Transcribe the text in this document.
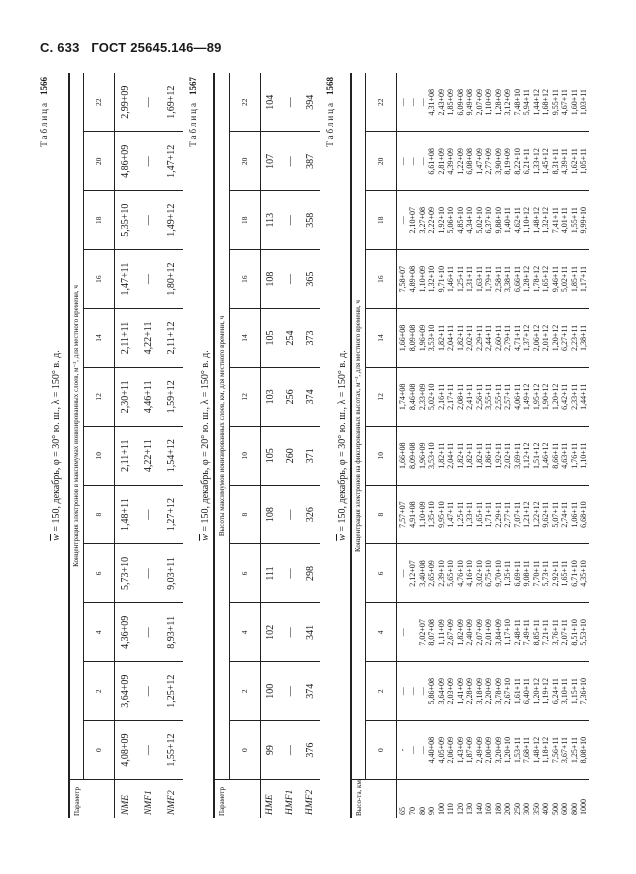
С. 633 ГОСТ 25645.146—89
Таблица1566
$\overline{w} = 150$, декабрь, φ = 30° ю. ш., λ = 150° в. д.
Параметр	Концентрация электронов в максимумах ионизированных слоев, м⁻³, для местного времени, ч											
	0	2	4	6	8	10	12	14	16	18	20	22
NME	4,08+09	3,64+09	4,36+09	5,73+10	1,48+11	2,11+11	2,30+11	2,11+11	1,47+11	5,35+10	4,86+09	2,99+09
NMF1	—	—	—	—	—	4,22+11	4,46+11	4,22+11	—	—	—	—
NMF2	1,55+12	1,25+12	8,93+11	9,03+11	1,27+12	1,54+12	1,59+12	2,11+12	1,80+12	1,49+12	1,47+12	1,69+12 Таблица1567
$\overline{w} = 150$, декабрь, φ = 20° ю. ш., λ = 150° в. д.
Параметр	Высоты максимумов ионизированных слоев, км, для местного времени, ч											
	0	2	4	6	8	10	12	14	16	18	20	22
HME	99	100	102	111	108	105	103	105	108	113	107	104
HMF1	—	—	—	—	—	260	256	254	—	—	—	—
HMF2	376	374	341	298	326	371	374	373	365	358	387	394 Таблица1568
$\overline{w} = 150$, декабрь, φ = 30° ю. ш., λ = 150° в. д.
Высо-та, км	Концентрация электронов на фиксированных высотах, м⁻³, для местного времени, ч											
	0	2	4	6	8	10	12	14	16	18	20	22
65	-	—	—	—	7,57+07	1,66+08	1,74+08	1,66+08	7,58+07	—	—	—
70	—	—		2,12+07	4,91+08	8,09+08	8,46+08	8,09+08	4,89+08	2,10+07	—	—
80	—	—	7,02+07	3,40+08	1,10+09	1,96+09	2,33+09	1,96+09	1,10+09	3,27+08	—	—
90	4,40+08	5,86+08	8,07+08	2,65+09	1,35+10	3,53+10	5,02+10	3,53+10	1,32+10	2,22+09	6,61+08	4,31+08
100	4,05+09	3,64+09	1,11+09	2,39+10	9,95+10	1,82+11	2,16+11	1,82+11	9,71+10	1,92+10	2,81+09	2,43+09
110	2,06+09	2,03+09	2,67+09	5,65+10	1,47+11	2,04+11	2,17+11	2,04+11	1,46+11	5,06+10	4,39+09	1,85+09
120	1,43+09	1,41+09	1,82+09	4,76+10	1,25+11	1,82+11	2,08+11	1,82+11	1,25+11	4,85+10	1,22+09	6,09+08
130	1,87+09	2,28+09	2,40+09	4,16+10	1,33+11	1,82+11	2,41+11	2,02+11	1,31+11	4,34+10	6,08+08	9,49+08
140	2,49+09	3,18+09	2,07+09	3,02+10	1,65+11	1,82+11	2,56+11	2,29+11	1,63+11	5,02+10	1,47+09	2,07+09
160	2,00+09	2,20+09	2,01+09	6,75+10	1,71+11	1,86+11	3,55+11	2,44+11	1,79+11	6,37+10	2,77+09	1,10+09
180	3,20+09	3,78+09	3,84+09	9,70+10	2,29+11	1,92+11	2,55+11	2,60+11	2,58+11	9,88+10	3,90+09	1,28+09
200	1,20+10	2,67+10	1,17+10	1,35+11	2,77+11	2,02+11	2,57+11	2,79+11	3,38+11	1,40+11	8,19+09	3,12+09
250	1,53+11	1,61+11	2,48+11	6,69+11	7,07+11	3,69+11	4,06+11	4,71+11	6,66+11	4,62+11	8,22+10	7,48+10
300	7,68+11	6,40+11	7,49+11	9,08+11	1,21+12	1,12+12	1,49+12	1,37+12	1,28+12	1,10+12	6,21+11	5,94+11
350	1,48+12	1,20+12	8,85+11	7,70+11	1,22+12	1,51+12	1,95+12	2,06+12	1,78+12	1,48+12	1,33+12	1,44+12
400	1,18+12	1,19+12	7,21+11	5,73+11	9,62+11	1,46+12	1,90+12	2,01+12	1,65+12	1,32+12	1,45+12	1,68+12
500	7,56+11	6,24+11	3,76+11	2,92+11	5,07+11	8,66+11	1,20+12	1,20+12	9,46+11	7,41+11	8,31+11	9,55+11
600	3,67+11	3,10+11	2,07+11	1,65+11	2,74+11	4,63+11	6,42+11	6,27+11	5,02+11	4,01+11	4,39+11	4,67+11
800	1,25+11	1,15+11	8,51+10	6,71+10	1,06+11	1,76+11	2,33+11	2,23+11	1,85+11	1,55+11	1,62+11	1,60+11
1000	8,08+10	7,36+10	5,53+10	4,35+10	6,68+10	1,10+11	1,44+11	1,38+11	1,17+11	9,99+10	1,05+11	1,03+11
